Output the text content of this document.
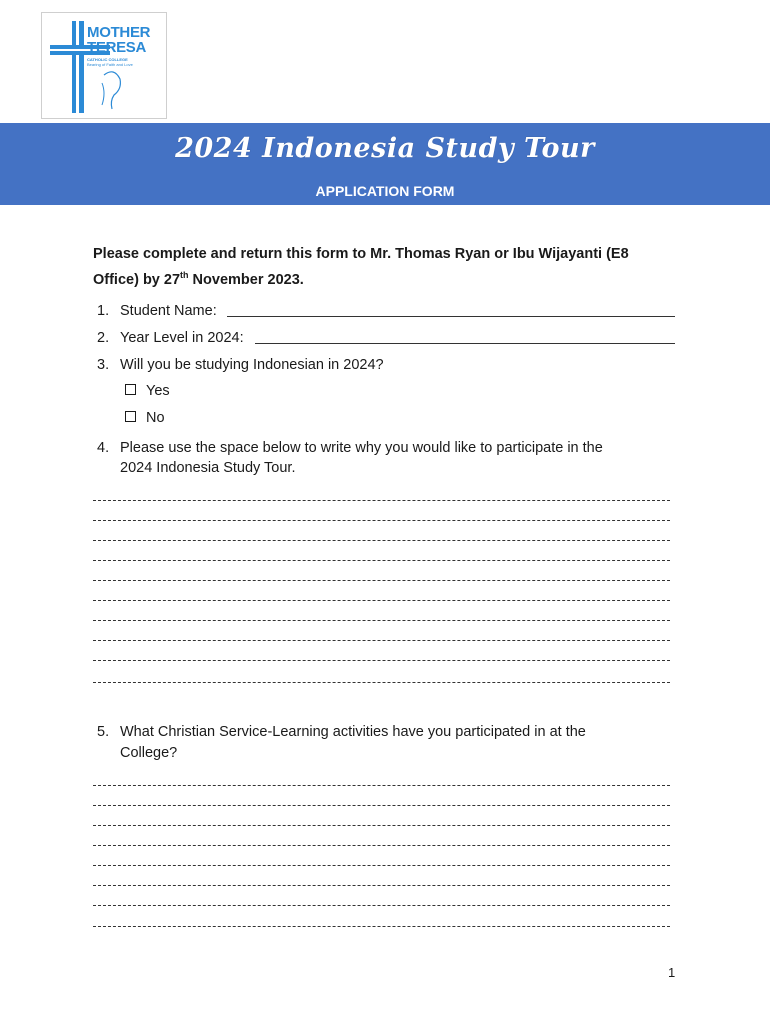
MOTHER
TERESA
CATHOLIC COLLEGE
Bearing of Faith and Love
2024 Indonesia Study Tour
APPLICATION FORM
Please complete and return this form to Mr. Thomas Ryan or Ibu Wijayanti (E8 Office) by 27th November 2023.
1. Student Name:
2. Year Level in 2024:
3. Will you be studying Indonesian in 2024?
Yes
No
4. Please use the space below to write why you would like to participate in the
2024 Indonesia Study Tour.
5. What Christian Service-Learning activities have you participated in at the
College?
1
